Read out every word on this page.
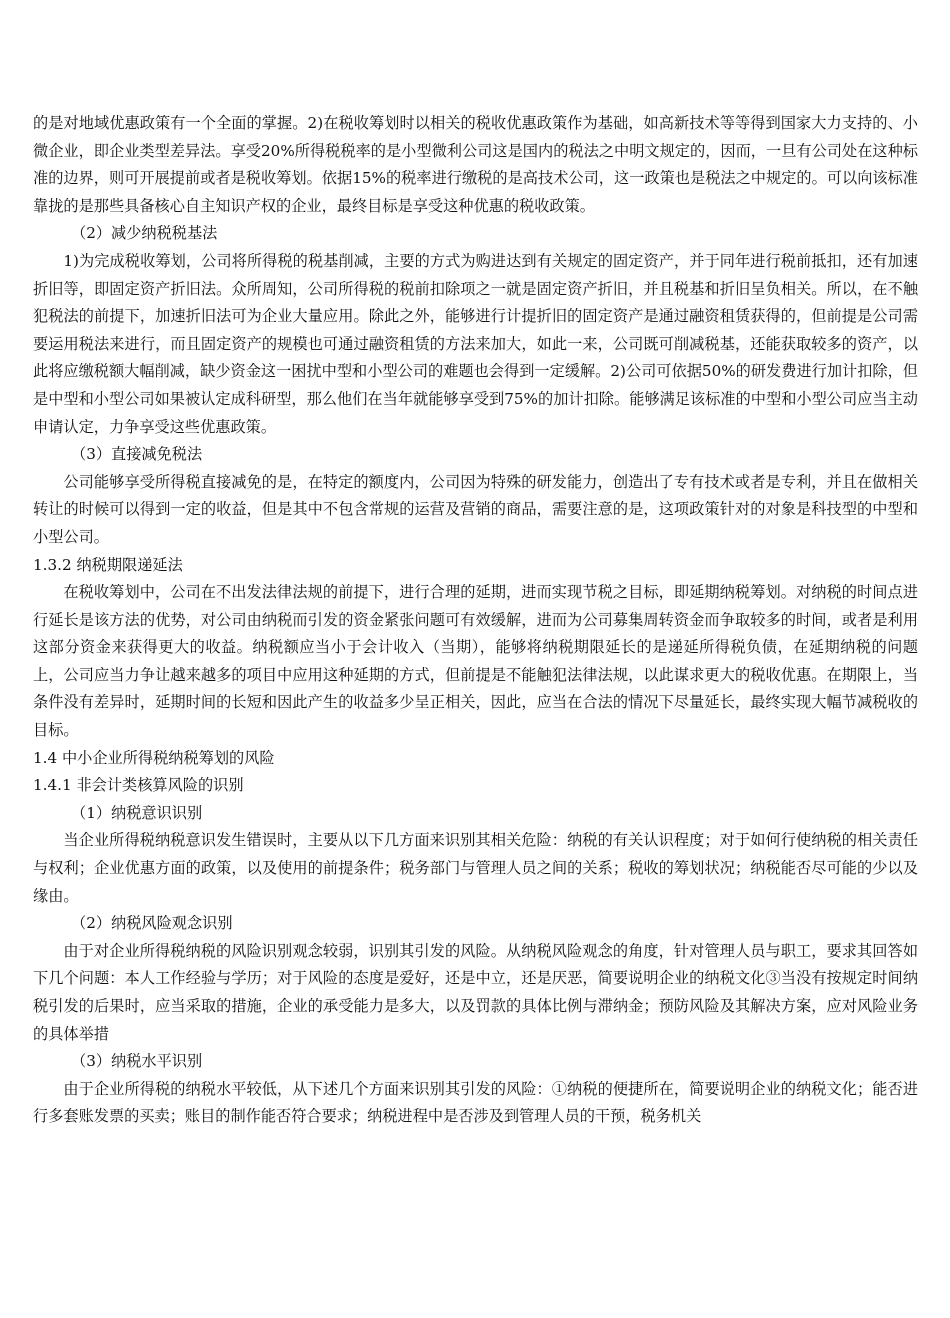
的是对地域优惠政策有一个全面的掌握。2)在税收筹划时以相关的税收优惠政策作为基础，如高新技术等等得到国家大力支持的、小微企业，即企业类型差异法。享受20%所得税税率的是小型微利公司这是国内的税法之中明文规定的，因而，一旦有公司处在这种标准的边界，则可开展提前或者是税收筹划。依据15%的税率进行缴税的是高技术公司，这一政策也是税法之中规定的。可以向该标准靠拢的是那些具备核心自主知识产权的企业，最终目标是享受这种优惠的税收政策。

（2）减少纳税税基法

1)为完成税收筹划，公司将所得税的税基削减，主要的方式为购进达到有关规定的固定资产，并于同年进行税前抵扣，还有加速折旧等，即固定资产折旧法。众所周知，公司所得税的税前扣除项之一就是固定资产折旧，并且税基和折旧呈负相关。所以，在不触犯税法的前提下，加速折旧法可为企业大量应用。除此之外，能够进行计提折旧的固定资产是通过融资租赁获得的，但前提是公司需要运用税法来进行，而且固定资产的规模也可通过融资租赁的方法来加大，如此一来，公司既可削减税基，还能获取较多的资产，以此将应缴税额大幅削减，缺少资金这一困扰中型和小型公司的难题也会得到一定缓解。2)公司可依据50%的研发费进行加计扣除，但是中型和小型公司如果被认定成科研型，那么他们在当年就能够享受到75%的加计扣除。能够满足该标准的中型和小型公司应当主动申请认定，力争享受这些优惠政策。

（3）直接减免税法

公司能够享受所得税直接减免的是，在特定的额度内，公司因为特殊的研发能力，创造出了专有技术或者是专利，并且在做相关转让的时候可以得到一定的收益，但是其中不包含常规的运营及营销的商品，需要注意的是，这项政策针对的对象是科技型的中型和小型公司。

1.3.2 纳税期限递延法

在税收筹划中，公司在不出发法律法规的前提下，进行合理的延期，进而实现节税之目标，即延期纳税筹划。对纳税的时间点进行延长是该方法的优势，对公司由纳税而引发的资金紧张问题可有效缓解，进而为公司募集周转资金而争取较多的时间，或者是利用这部分资金来获得更大的收益。纳税额应当小于会计收入（当期），能够将纳税期限延长的是递延所得税负债，在延期纳税的问题上，公司应当力争让越来越多的项目中应用这种延期的方式，但前提是不能触犯法律法规，以此谋求更大的税收优惠。在期限上，当条件没有差异时，延期时间的长短和因此产生的收益多少呈正相关，因此，应当在合法的情况下尽量延长，最终实现大幅节减税收的目标。

1.4 中小企业所得税纳税筹划的风险

1.4.1 非会计类核算风险的识别

（1）纳税意识识别

当企业所得税纳税意识发生错误时，主要从以下几方面来识别其相关危险：纳税的有关认识程度；对于如何行使纳税的相关责任与权利；企业优惠方面的政策，以及使用的前提条件；税务部门与管理人员之间的关系；税收的筹划状况；纳税能否尽可能的少以及缘由。

（2）纳税风险观念识别

由于对企业所得税纳税的风险识别观念较弱，识别其引发的风险。从纳税风险观念的角度，针对管理人员与职工，要求其回答如下几个问题：本人工作经验与学历；对于风险的态度是爱好，还是中立，还是厌恶，简要说明企业的纳税文化③当没有按规定时间纳税引发的后果时，应当采取的措施，企业的承受能力是多大，以及罚款的具体比例与滞纳金；预防风险及其解决方案，应对风险业务的具体举措

（3）纳税水平识别

由于企业所得税的纳税水平较低，从下述几个方面来识别其引发的风险：①纳税的便捷所在，简要说明企业的纳税文化；能否进行多套账发票的买卖；账目的制作能否符合要求；纳税进程中是否涉及到管理人员的干预，税务机关
